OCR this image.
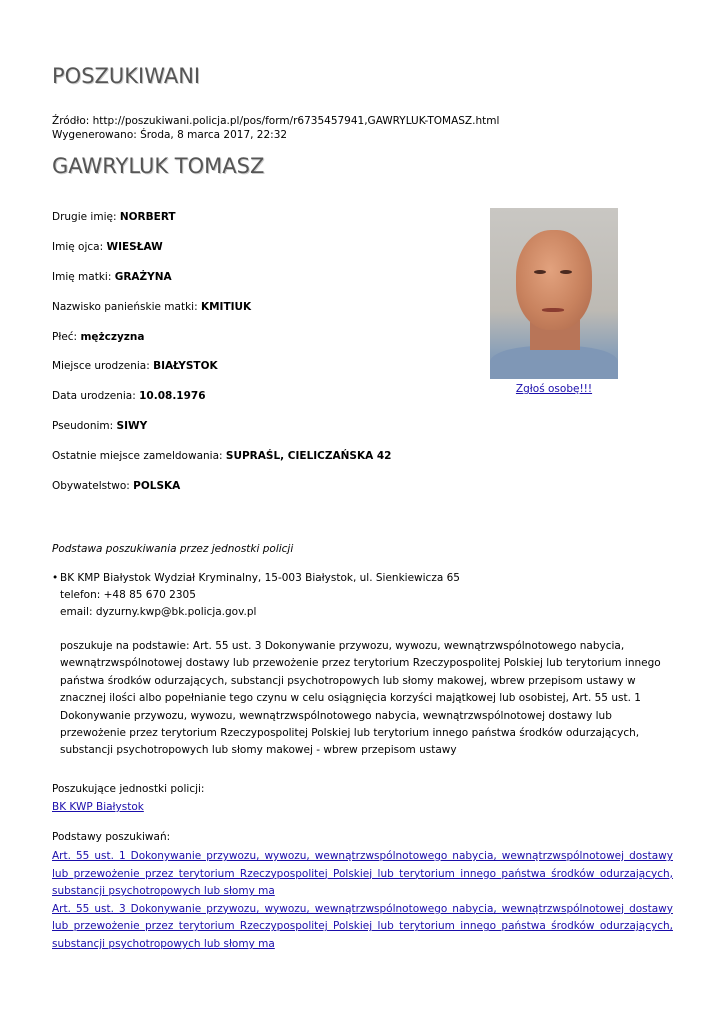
POSZUKIWANI
Źródło: http://poszukiwani.policja.pl/pos/form/r6735457941,GAWRYLUK-TOMASZ.html
Wygenerowano: Środa, 8 marca 2017, 22:32
GAWRYLUK TOMASZ
Drugie imię: NORBERT
Imię ojca: WIESŁAW
Imię matki: GRAŻYNA
Nazwisko panieńskie matki: KMITIUK
Płeć: mężczyzna
Miejsce urodzenia: BIAŁYSTOK
Data urodzenia: 10.08.1976
Pseudonim: SIWY
Ostatnie miejsce zameldowania: SUPRAŚL, CIELICZAŃSKA 42
Obywatelstwo: POLSKA
Zgłoś osobę!!!
Podstawa poszukiwania przez jednostki policji
• BK KMP Białystok Wydział Kryminalny, 15-003 Białystok, ul. Sienkiewicza 65
telefon: +48 85 670 2305
email: dyzurny.kwp@bk.policja.gov.pl
poszukuje na podstawie: Art. 55 ust. 3 Dokonywanie przywozu, wywozu, wewnątrzwspólnotowego nabycia, wewnątrzwspólnotowej dostawy lub przewożenie przez terytorium Rzeczypospolitej Polskiej lub terytorium innego państwa środków odurzających, substancji psychotropowych lub słomy makowej, wbrew przepisom ustawy w znacznej ilości albo popełnianie tego czynu w celu osiągnięcia korzyści majątkowej lub osobistej, Art. 55 ust. 1 Dokonywanie przywozu, wywozu, wewnątrzwspólnotowego nabycia, wewnątrzwspólnotowej dostawy lub przewożenie przez terytorium Rzeczypospolitej Polskiej lub terytorium innego państwa środków odurzających, substancji psychotropowych lub słomy makowej - wbrew przepisom ustawy
Poszukujące jednostki policji:
BK KWP Białystok
Podstawy poszukiwań:
Art. 55 ust. 1 Dokonywanie przywozu, wywozu, wewnątrzwspólnotowego nabycia, wewnątrzwspólnotowej dostawy lub przewożenie przez terytorium Rzeczypospolitej Polskiej lub terytorium innego państwa środków odurzających, substancji psychotropowych lub słomy ma
Art. 55 ust. 3 Dokonywanie przywozu, wywozu, wewnątrzwspólnotowego nabycia, wewnątrzwspólnotowej dostawy lub przewożenie przez terytorium Rzeczypospolitej Polskiej lub terytorium innego państwa środków odurzających, substancji psychotropowych lub słomy ma
